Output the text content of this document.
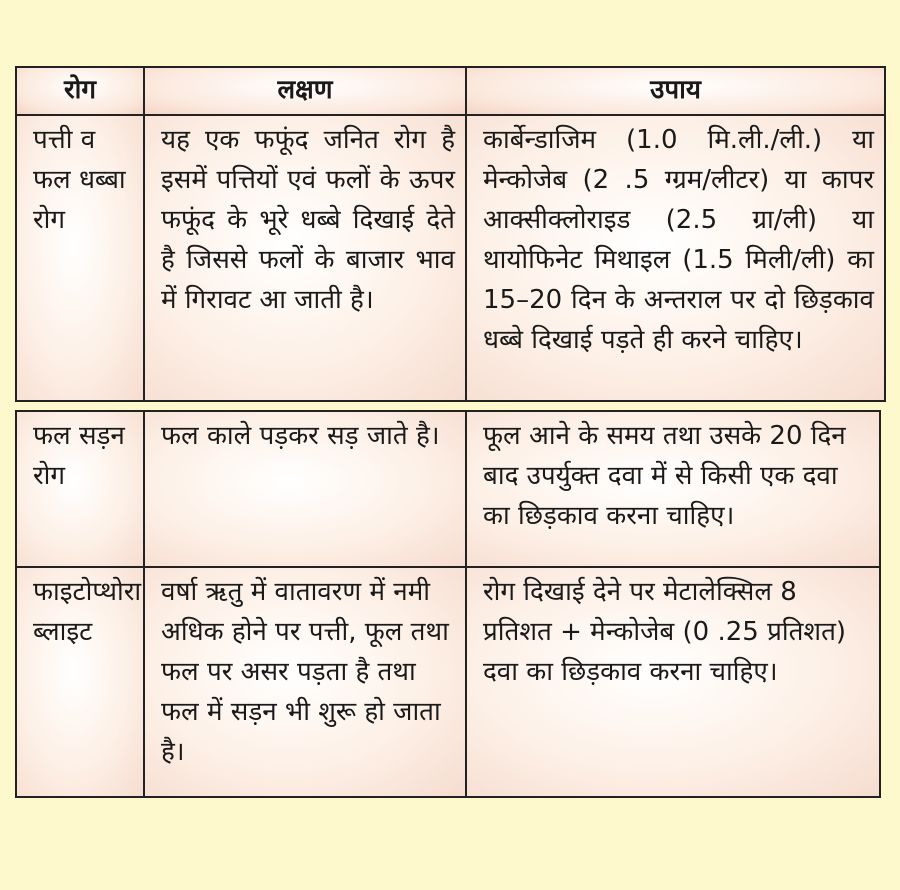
रोग	लक्षण	उपाय
पत्ती व फल धब्बा रोग	यह एक फफूंद जनित रोग है इसमें पत्तियों एवं फलों के ऊपर फफूंद के भूरे धब्बे दिखाई देते है जिससे फलों के बाजार भाव में गिरावट आ जाती है।	कार्बेन्डाजिम (1.0 मि.ली./ली.) या मेन्कोजेब (2 .5 ग्ग्रम/लीटर) या कापर आक्सीक्लोराइड (2.5 ग्रा/ली) या थायोफिनेट मिथाइल (1.5 मिली/ली) का 15–20 दिन के अन्तराल पर दो छिड़काव धब्बे दिखाई पड़ते ही करने चाहिए।
फल सड़न रोग	फल काले पड़कर सड़ जाते है।	फूल आने के समय तथा उसके 20 दिन बाद उपर्युक्त दवा में से किसी एक दवा का छिड़काव करना चाहिए।
फाइटोप्थोरा ब्लाइट	वर्षा ऋतु में वातावरण में नमी अधिक होने पर पत्ती, फूल तथा फल पर असर पड़ता है तथा फल में सड़न भी शुरू हो जाता है।	रोग दिखाई देने पर मेटालेक्सिल 8 प्रतिशत + मेन्कोजेब (0 .25 प्रतिशत) दवा का छिड़काव करना चाहिए।
